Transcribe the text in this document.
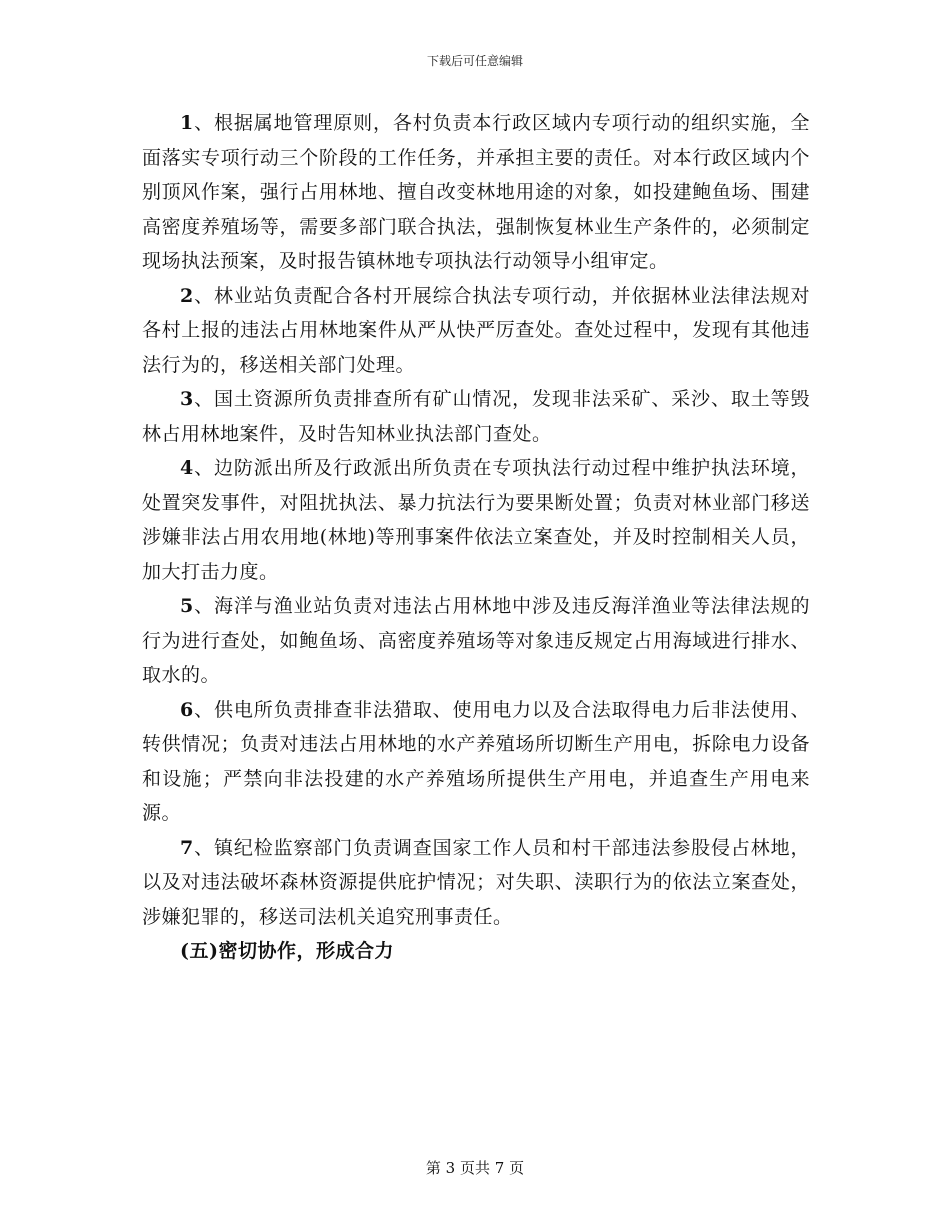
下载后可任意编辑

1、根据属地管理原则，各村负责本行政区域内专项行动的组织实施，全面落实专项行动三个阶段的工作任务，并承担主要的责任。对本行政区域内个别顶风作案，强行占用林地、擅自改变林地用途的对象，如投建鲍鱼场、围建高密度养殖场等，需要多部门联合执法，强制恢复林业生产条件的，必须制定现场执法预案，及时报告镇林地专项执法行动领导小组审定。

2、林业站负责配合各村开展综合执法专项行动，并依据林业法律法规对各村上报的违法占用林地案件从严从快严厉查处。查处过程中，发现有其他违法行为的，移送相关部门处理。

3、国土资源所负责排查所有矿山情况，发现非法采矿、采沙、取土等毁林占用林地案件，及时告知林业执法部门查处。

4、边防派出所及行政派出所负责在专项执法行动过程中维护执法环境，处置突发事件，对阻扰执法、暴力抗法行为要果断处置；负责对林业部门移送涉嫌非法占用农用地(林地)等刑事案件依法立案查处，并及时控制相关人员，加大打击力度。

5、海洋与渔业站负责对违法占用林地中涉及违反海洋渔业等法律法规的行为进行查处，如鲍鱼场、高密度养殖场等对象违反规定占用海域进行排水、取水的。

6、供电所负责排查非法猎取、使用电力以及合法取得电力后非法使用、转供情况；负责对违法占用林地的水产养殖场所切断生产用电，拆除电力设备和设施；严禁向非法投建的水产养殖场所提供生产用电，并追查生产用电来源。

7、镇纪检监察部门负责调查国家工作人员和村干部违法参股侵占林地，以及对违法破坏森林资源提供庇护情况；对失职、渎职行为的依法立案查处，涉嫌犯罪的，移送司法机关追究刑事责任。

(五)密切协作，形成合力

第 3 页共 7 页
